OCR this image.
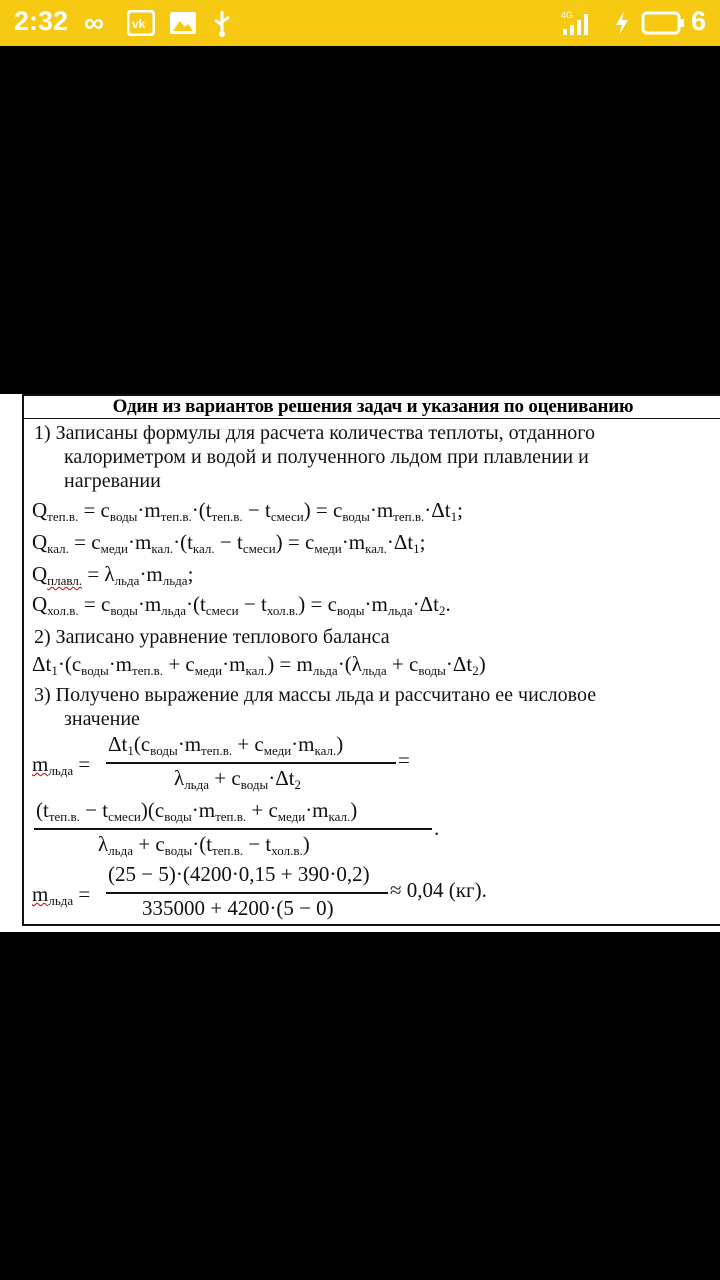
2:32 ∞ vk
4G	6
Один из вариантов решения задач и указания по оцениванию
1) Записаны формулы для расчета количества теплоты, отданного
калориметром и водой и полученного льдом при плавлении и
нагревании
$Q_{теп.в.} = c_{воды}\cdot m_{теп.в.}\cdot(t_{теп.в.} - t_{смеси}) = c_{воды}\cdot m_{теп.в.}\cdot\Delta t_1$;
$Q_{кал.} = c_{меди}\cdot m_{кал.}\cdot(t_{кал.} - t_{смеси}) = c_{меди}\cdot m_{кал.}\cdot\Delta t_1$;
$Q_{плавл.} = \lambda_{льда}\cdot m_{льда}$;
$Q_{хол.в.} = c_{воды}\cdot m_{льда}\cdot(t_{смеси} - t_{хол.в.}) = c_{воды}\cdot m_{льда}\cdot\Delta t_2$.
2) Записано уравнение теплового баланса
$\Delta t_1\cdot(c_{воды}\cdot m_{теп.в.} + c_{меди}\cdot m_{кал.}) = m_{льда}\cdot(\lambda_{льда} + c_{воды}\cdot\Delta t_2)$
3) Получено выражение для массы льда и рассчитано ее числовое
значение
$m_{льда}$ =
$\Delta t_1(c_{воды}\cdot m_{теп.в.} + c_{меди}\cdot m_{кал.})$
$\lambda_{льда} + c_{воды}\cdot\Delta t_2$
=
$(t_{теп.в.} - t_{смеси})(c_{воды}\cdot m_{теп.в.} + c_{меди}\cdot m_{кал.})$
$\lambda_{льда} + c_{воды}\cdot(t_{теп.в.} - t_{хол.в.})$
.
$m_{льда}$ =
(25 − 5)·(4200·0,15 + 390·0,2)
335000 + 4200·(5 − 0)
≈ 0,04 (кг).
